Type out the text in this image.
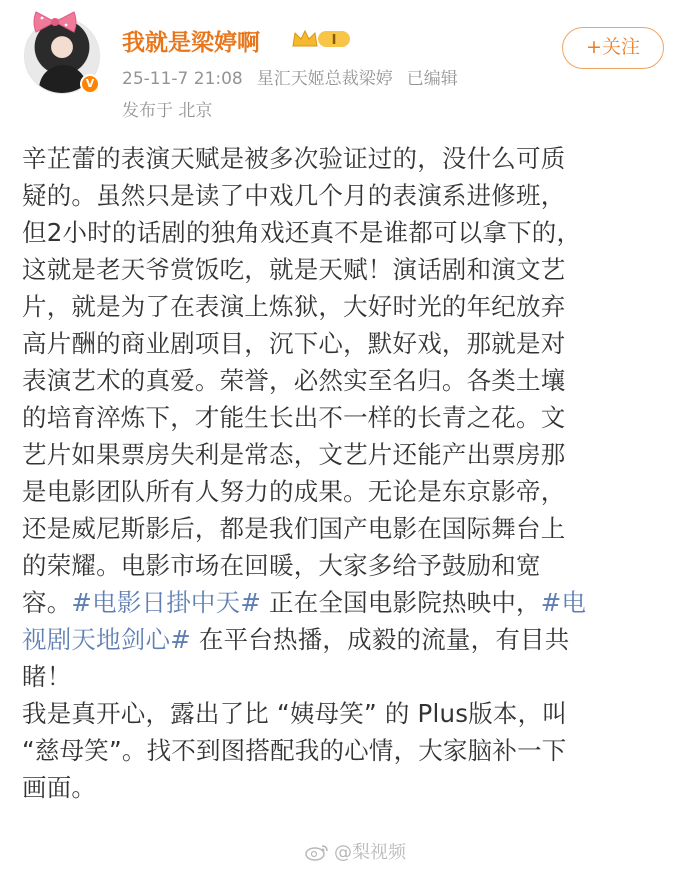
V
我就是梁婷啊	I
25-11-7 21:08 星汇天姬总裁梁婷 已编辑
发布于 北京
+关注
辛芷蕾的表演天赋是被多次验证过的，没什么可质
疑的。虽然只是读了中戏几个月的表演系进修班，
但2小时的话剧的独角戏还真不是谁都可以拿下的，
这就是老天爷赏饭吃，就是天赋！演话剧和演文艺
片，就是为了在表演上炼狱，大好时光的年纪放弃
高片酬的商业剧项目，沉下心，默好戏，那就是对
表演艺术的真爱。荣誉，必然实至名归。各类土壤
的培育淬炼下，才能生长出不一样的长青之花。文
艺片如果票房失利是常态，文艺片还能产出票房那
是电影团队所有人努力的成果。无论是东京影帝，
还是威尼斯影后，都是我们国产电影在国际舞台上
的荣耀。电影市场在回暖，大家多给予鼓励和宽
容。#电影日掛中天# 正在全国电影院热映中，#电
视剧天地剑心# 在平台热播，成毅的流量，有目共
睹！
我是真开心，露出了比 “姨母笑” 的 Plus版本，叫
“慈母笑”。找不到图搭配我的心情，大家脑补一下
画面。
@梨视频
